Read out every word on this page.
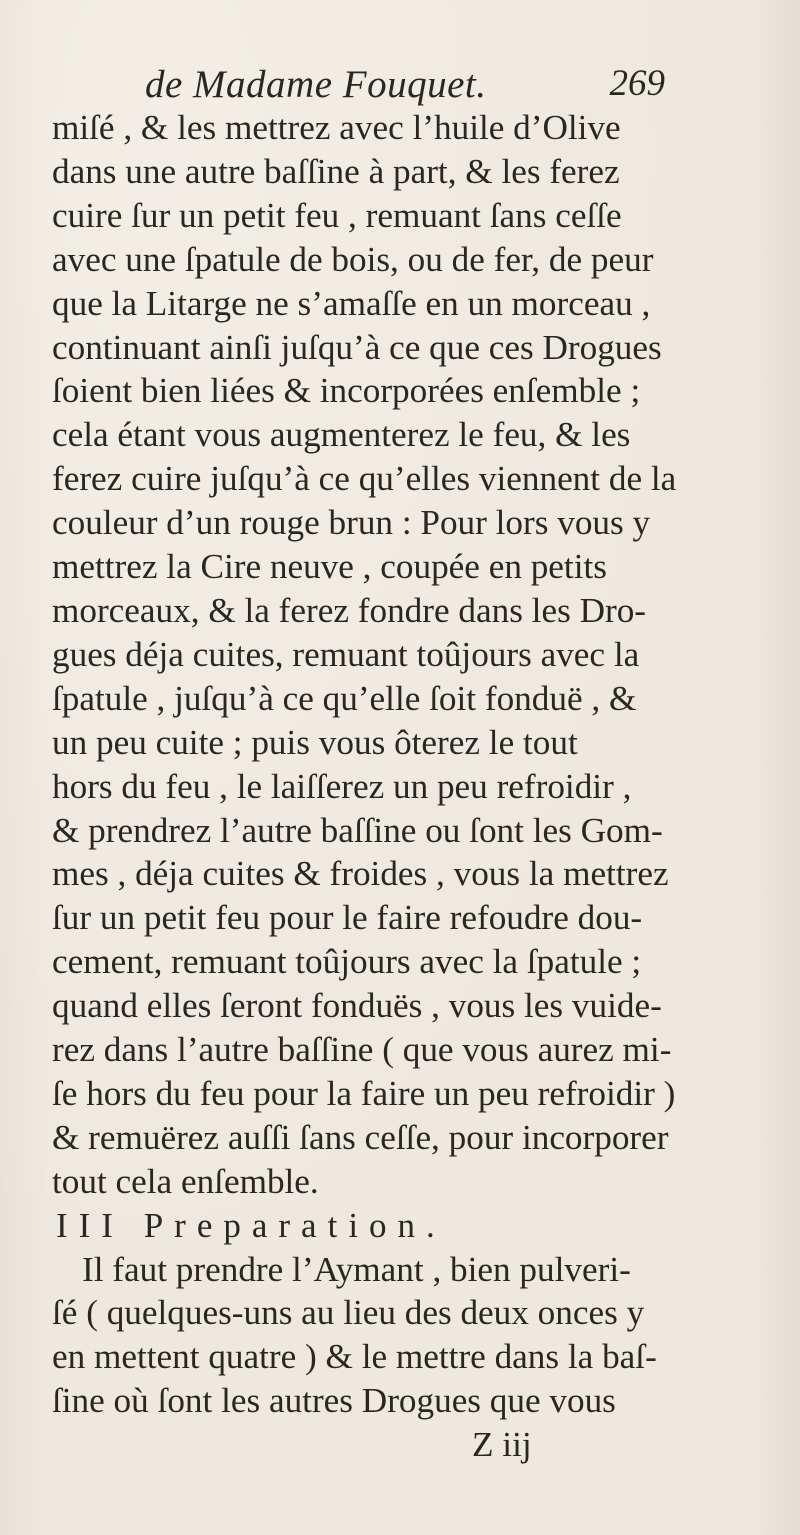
de Madame Fouquet.	269
miſé , & les mettrez avec l’huile d’Olive
dans une autre baſſine à part, & les ferez
cuire ſur un petit feu , remuant ſans ceſſe
avec une ſpatule de bois, ou de fer, de peur
que la Litarge ne s’amaſſe en un morceau ,
continuant ainſi juſqu’à ce que ces Drogues
ſoient bien liées & incorporées enſemble ;
cela étant vous augmenterez le feu, & les
ferez cuire juſqu’à ce qu’elles viennent de la
couleur d’un rouge brun : Pour lors vous y
mettrez la Cire neuve , coupée en petits
morceaux, & la ferez fondre dans les Dro-
gues déja cuites, remuant toûjours avec la
ſpatule , juſqu’à ce qu’elle ſoit fonduë , &
un peu cuite ; puis vous ôterez le tout
hors du feu , le laiſſerez un peu refroidir ,
& prendrez l’autre baſſine ou ſont les Gom-
mes , déja cuites & froides , vous la mettrez
ſur un petit feu pour le faire refoudre dou-
cement, remuant toûjours avec la ſpatule ;
quand elles ſeront fonduës , vous les vuide-
rez dans l’autre baſſine ( que vous aurez mi-
ſe hors du feu pour la faire un peu refroidir )
& remuërez auſſi ſans ceſſe, pour incorporer
tout cela enſemble.
III Preparation.
Il faut prendre l’Aymant , bien pulveri-
ſé ( quelques-uns au lieu des deux onces y
en mettent quatre ) & le mettre dans la baſ-
ſine où ſont les autres Drogues que vous
Z iij
